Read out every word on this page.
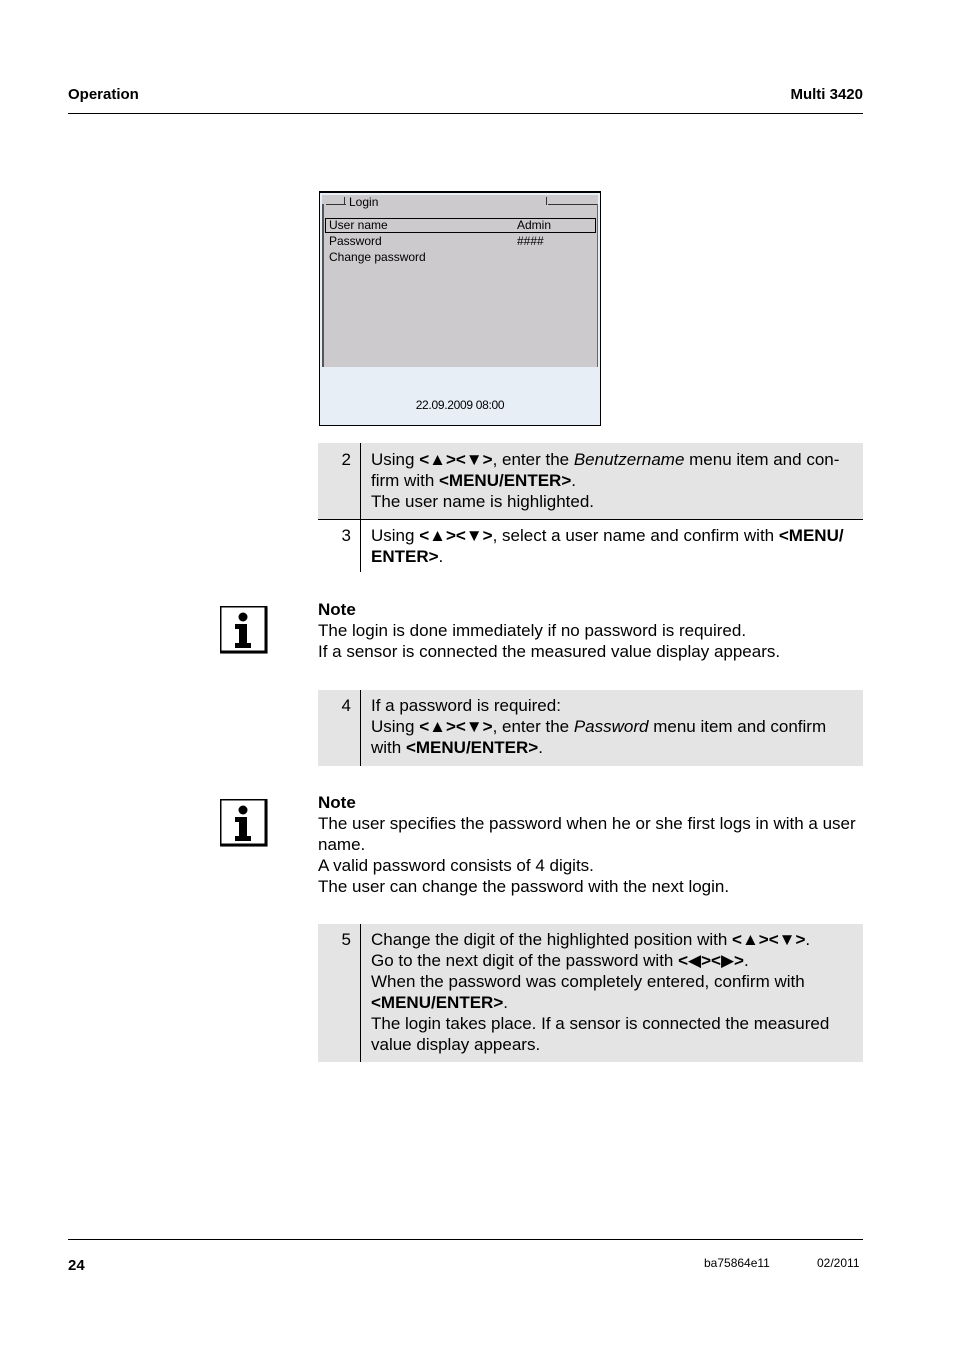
Operation	Multi 3420
Login
User name	Admin
Password	####
Change password
22.09.2009 08:00
2 Using <▲><▼>, enter the Benutzername menu item and con-
firm with <MENU/ENTER>.
The user name is highlighted.
3 Using <▲><▼>, select a user name and confirm with <MENU/
ENTER>.
Note
The login is done immediately if no password is required.
If a sensor is connected the measured value display appears.
4 If a password is required:
Using <▲><▼>, enter the Password menu item and confirm
with <MENU/ENTER>.
Note
The user specifies the password when he or she first logs in with a user
name.
A valid password consists of 4 digits.
The user can change the password with the next login.
5 Change the digit of the highlighted position with <▲><▼>.
Go to the next digit of the password with <◀><▶>.
When the password was completely entered, confirm with
<MENU/ENTER>.
The login takes place. If a sensor is connected the measured
value display appears.
24	ba75864e11	02/2011
